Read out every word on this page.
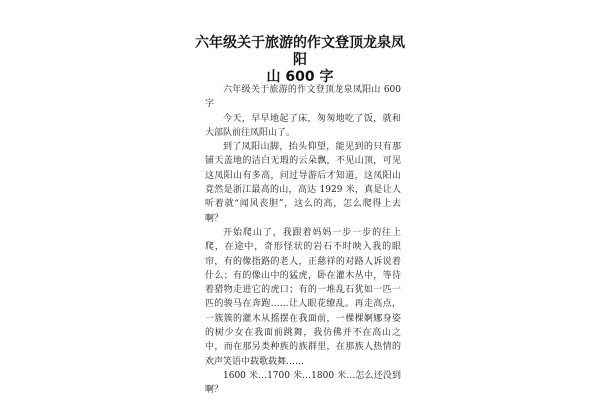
六年级关于旅游的作文登顶龙泉凤阳
山 600 字

六年级关于旅游的作文登顶龙泉凤阳山 600 字

今天，早早地起了床，匆匆地吃了饭，就和大部队前往凤阳山了。

到了凤阳山脚，抬头仰望，能见到的只有那铺天盖地的洁白无瑕的云朵飘，不见山顶，可见这凤阳山有多高，问过导游后才知道，这凤阳山竟然是浙江最高的山，高达 1929 米，真是让人听着就“闻风丧胆”，这么的高，怎么爬得上去啊？

开始爬山了，我跟着妈妈一步一步的往上爬，在途中，奇形怪状的岩石不时映入我的眼帘，有的像指路的老人，正慈祥的对路人诉说着什么；有的像山中的猛虎，卧在灌木丛中，等待着猎物走进它的虎口；有的一堆乱石犹如一匹一匹的骏马在奔跑……让人眼花缭乱。再走高点，一簇簇的灌木从摇摆在我面前，一棵棵婀娜身姿的树少女在我面前跳舞，我仿佛并不在高山之中，而在那另类种族的族群里，在那族人热情的欢声笑语中载歌载舞……

1600 米…1700 米…1800 米…怎么还没到啊？
